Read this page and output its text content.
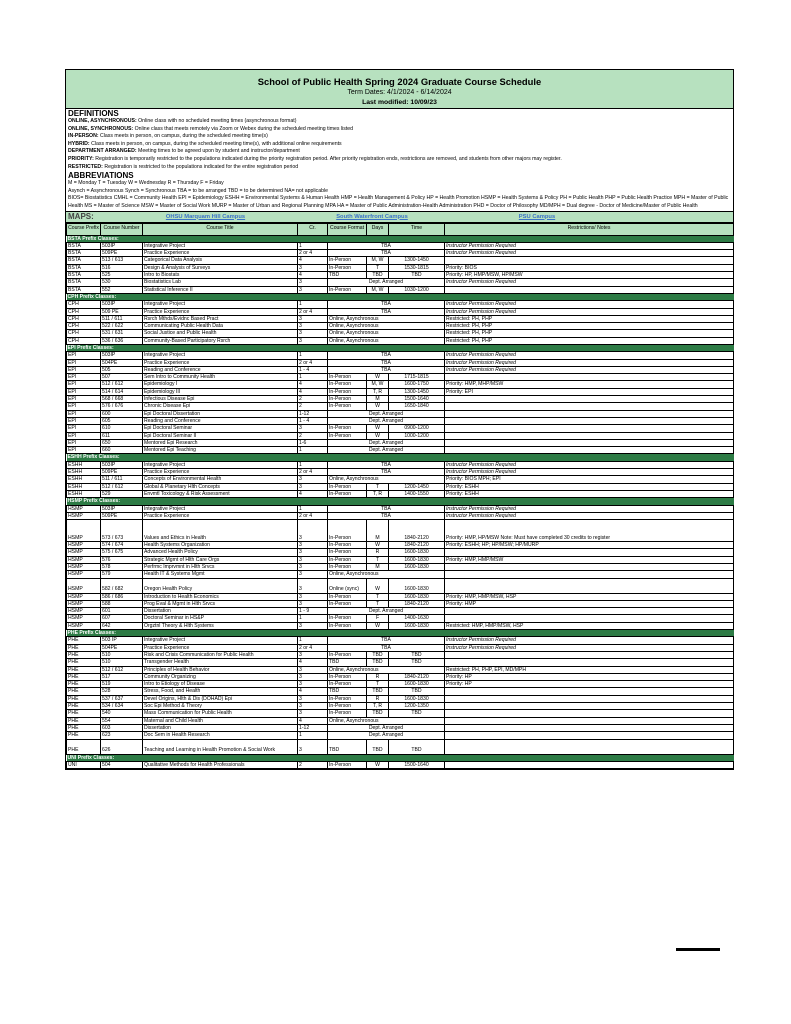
School of Public Health Spring 2024 Graduate Course Schedule
Term Dates: 4/1/2024 - 6/14/2024
Last modified: 10/09/23
DEFINITIONS
ONLINE, ASYNCHRONOUS: Online class with no scheduled meeting times (asynchronous format)
ONLINE, SYNCHRONOUS: Online class that meets remotely via Zoom or Webex during the scheduled meeting times listed
IN-PERSON: Class meets in person, on campus, during the scheduled meeting time(s)
HYBRID: Class meets in person, on campus, during the scheduled meeting time(s), with additional online requirements
DEPARTMENT ARRANGED: Meeting times to be agreed upon by student and instructor/department
PRIORITY: Registration is temporarily restricted to the populations indicated during the priority registration period. After priority registration ends, restrictions are removed, and students from other majors may register.
RESTRICTED: Registration is restricted to the populations indicated for the entire registration period
ABBREVIATIONS
M = Monday T = Tuesday W = Wednesday R = Thursday F = Friday
Asynch = Asynchronous Synch = Synchronous TBA = to be arranged TBD = to be determined NA= not applicable
BIOS= Biostatistics CMHL = Community Health EPI = Epidemiology ESHH = Environmental Systems & Human Health HMP = Health Management & Policy HP = Health Promotion HSMP = Health Systems & Policy PH = Public Health PHP = Public Health Practice MPH = Master of Public Health MS = Master of Science MSW = Master of Social Work MURP = Master of Urban and Regional Planning MPA HA = Master of Public Administration-Health Administration PHD = Doctor of Philosophy MD/MPH = Dual degree - Doctor of Medicine/Master of Public Health
MAPS:	OHSU Marquam Hill Campus	South Waterfront Campus	PSU Campus
Course Prefix	Course Number	Course Title	Cr.	Course Format	Days	Time	Restrictions/ Notes
BSTA Prefix Classes:							
BSTA	503IP	Integrative Project	1	TBA			Instructor Permission Required
BSTA	509PE	Practice Experience	2 or 4	TBA			Instructor Permission Required
BSTA	513 / 613	Categorical Data Analysis	4	In-Person	M, W	1300-1450	
BSTA	516	Design & Analysis of Surveys	3	In-Person	T	1530-1815	Priority: BIOS
BSTA	525	Intro to Biostats	4	TBD	TBD	TBD	Priority: HP, HMP/MSW, HP/MSW
BSTA	530	Biostatistics Lab	3	Dept. Arranged			Instructor Permission Required
BSTA	552	Statistical Inference II	3	In-Person	M, W	1030-1200	
CPH Prefix Classes:							
CPH	503IP	Integrative Project	1	TBA			Instructor Permission Required
CPH	509 PE	Practice Experience	2 or 4	TBA			Instructor Permission Required
CPH	511 / 611	Rsrch Mthds/Evidnc Based Pract	3	Online, Asynchronous			Restricted: PH, PHP
CPH	522 / 622	Communicating Public Health Data	3	Online, Asynchronous			Restricted: PH, PHP
CPH	531 / 631	Social Justice and Public Health	3	Online, Asynchronous			Restricted: PH, PHP
CPH	536 / 636	Community-Based Participatory Rsrch	3	Online, Asynchronous			Restricted: PH, PHP
EPI Prefix Classes:							
EPI	503IP	Integrative Project	1	TBA			Instructor Permission Required
EPI	504PE	Practice Experience	2 or 4	TBA			Instructor Permission Required
EPI	505	Reading and Conference	1 - 4	TBA			Instructor Permission Required
EPI	507	Sem Intro to Community Health	1	In-Person	W	1715-1815	
EPI	512 / 612	Epidemiology I	4	In-Person	M, W	1600-1750	Priority: HMP, MHP/MSW
EPI	514 / 614	Epidemiology III	4	In-Person	T, R	1300-1450	Priority: EPI
EPI	568 / 668	Infectious Disease Epi	2	In-Person	M	1500-1640	
EPI	576 / 676	Chronic Disease Epi	2	In-Person	W	1650-1840	
EPI	600	Epi Doctoral Dissertation	1-12	Dept. Arranged			
EPI	605	Reading and Conference	1 - 4	Dept. Arranged			
EPI	610	Epi Doctoral Seminar	3	In-Person	W	0900-1200	
EPI	611	Epi Doctoral Seminar II	2	In-Person	W	1000-1200	
EPI	650	Mentored Epi Research	1-6	Dept. Arranged			
EPI	660	Mentored Epi Teaching	1	Dept. Arranged			
ESHH Prefix Classes:							
ESHH	503IP	Integrative Project	1	TBA			Instructor Permission Required
ESHH	509PE	Practice Experience	2 or 4	TBA			Instructor Permission Required
ESHH	511 / 611	Concepts of Environmental Health	3	Online, Asynchronous			Priority: BIOS MPH; EPI
ESHH	512 / 612	Global & Planetary Hlth Concepts	3	In-Person	T	1200-1450	Priority: ESHH
ESHH	529	Envmtl Toxicology & Risk Assessment	4	In-Person	T, R	1400-1550	Priority: ESHH
HSMP Prefix Classes:							
HSMP	503IP	Integrative Project	1	TBA			Instructor Permission Required
HSMP	509PE	Practice Experience	2 or 4	TBA			Instructor Permission Required
HSMP	573 / 673	Values and Ethics in Health	3	In-Person	M	1840-2120	Priority: HMP, HP/MSW Note: Must have completed 30 credits to register
HSMP	574 / 674	Health Systems Organization	3	In-Person	W	1840-2120	Priority: ESHH; HP; HP/MSW; HP/MURP
HSMP	575 / 675	Advanced Health Policy	3	In-Person	R	1600-1830	
HSMP	576	Strategic Mgmt of Hlth Care Orgs	3	In-Person	T	1600-1830	Priority: HMP, HMP/MSW
HSMP	578	Perfrmc Imprvmnt in Hlth Srvcs	3	In-Person	M	1600-1830	
HSMP	579	Health IT & Systems Mgmt	3	Online, Asynchronous			
HSMP	582 / 682	Oregon Health Policy	3	Online (sync)	W	1600-1830	
HSMP	586 / 686	Introduction to Health Economics	3	In-Person	T	1600-1830	Priority: HMP, HMP/MSW, HSP
HSMP	588	Prog Eval & Mgmt in Hlth Srvcs	3	In-Person	T	1840-2120	Priority: HMP
HSMP	601	Dissertation	1 - 9	Dept. Arranged			
HSMP	607	Doctoral Seminar in HS&P	1	In-Person	F	1400-1630	
HSMP	642	Orgztnl Theory & Hlth Systems	3	In-Person	W	1600-1830	Restricted: HMP, HMP/MSW, HSP
PHE Prefix Classes:							
PHE	503 IP	Integrative Project	1	TBA			Instructor Permission Required
PHE	504PE	Practice Experience	2 or 4	TBA			Instructor Permission Required
PHE	510	Risk and Crisis Communication for Public Health	3	In-Person	TBD	TBD	
PHE	510	Transgender Health	4	TBD	TBD	TBD	
PHE	512 / 612	Principles of Health Behavior	3	Online, Asynchronous			Restricted: PH, PHP, EPI, MD/MPH
PHE	517	Community Organizing	3	In-Person	R	1840-2120	Priority: HP
PHE	519	Intro to Etiology of Disease	3	In-Person	T	1600-1830	Priority: HP
PHE	528	Stress, Food, and Health	4	TBD	TBD	TBD	
PHE	537 / 637	Devel Origins, Hlth & Dis (DOHAD) Epi	3	In-Person	R	1600-1830	
PHE	534 / 634	Soc Epi Method & Theory	3	In-Person	T, R	1200-1350	
PHE	540	Mass Communication for Public Health	3	In-Person	TBD	TBD	
PHE	554	Maternal and Child Health	4	Online, Asynchronous			
PHE	603	Dissertation	1-12	Dept. Arranged			
PHE	623	Doc Sem in Health Research	1	Dept. Arranged			
PHE	626	Teaching and Learning in Health Promotion & Social Work	3	TBD	TBD	TBD	
UNI Prefix Classes:							
UNI	504	Qualitative Methods for Health Professionals	2	In-Person	W	1500-1640	
